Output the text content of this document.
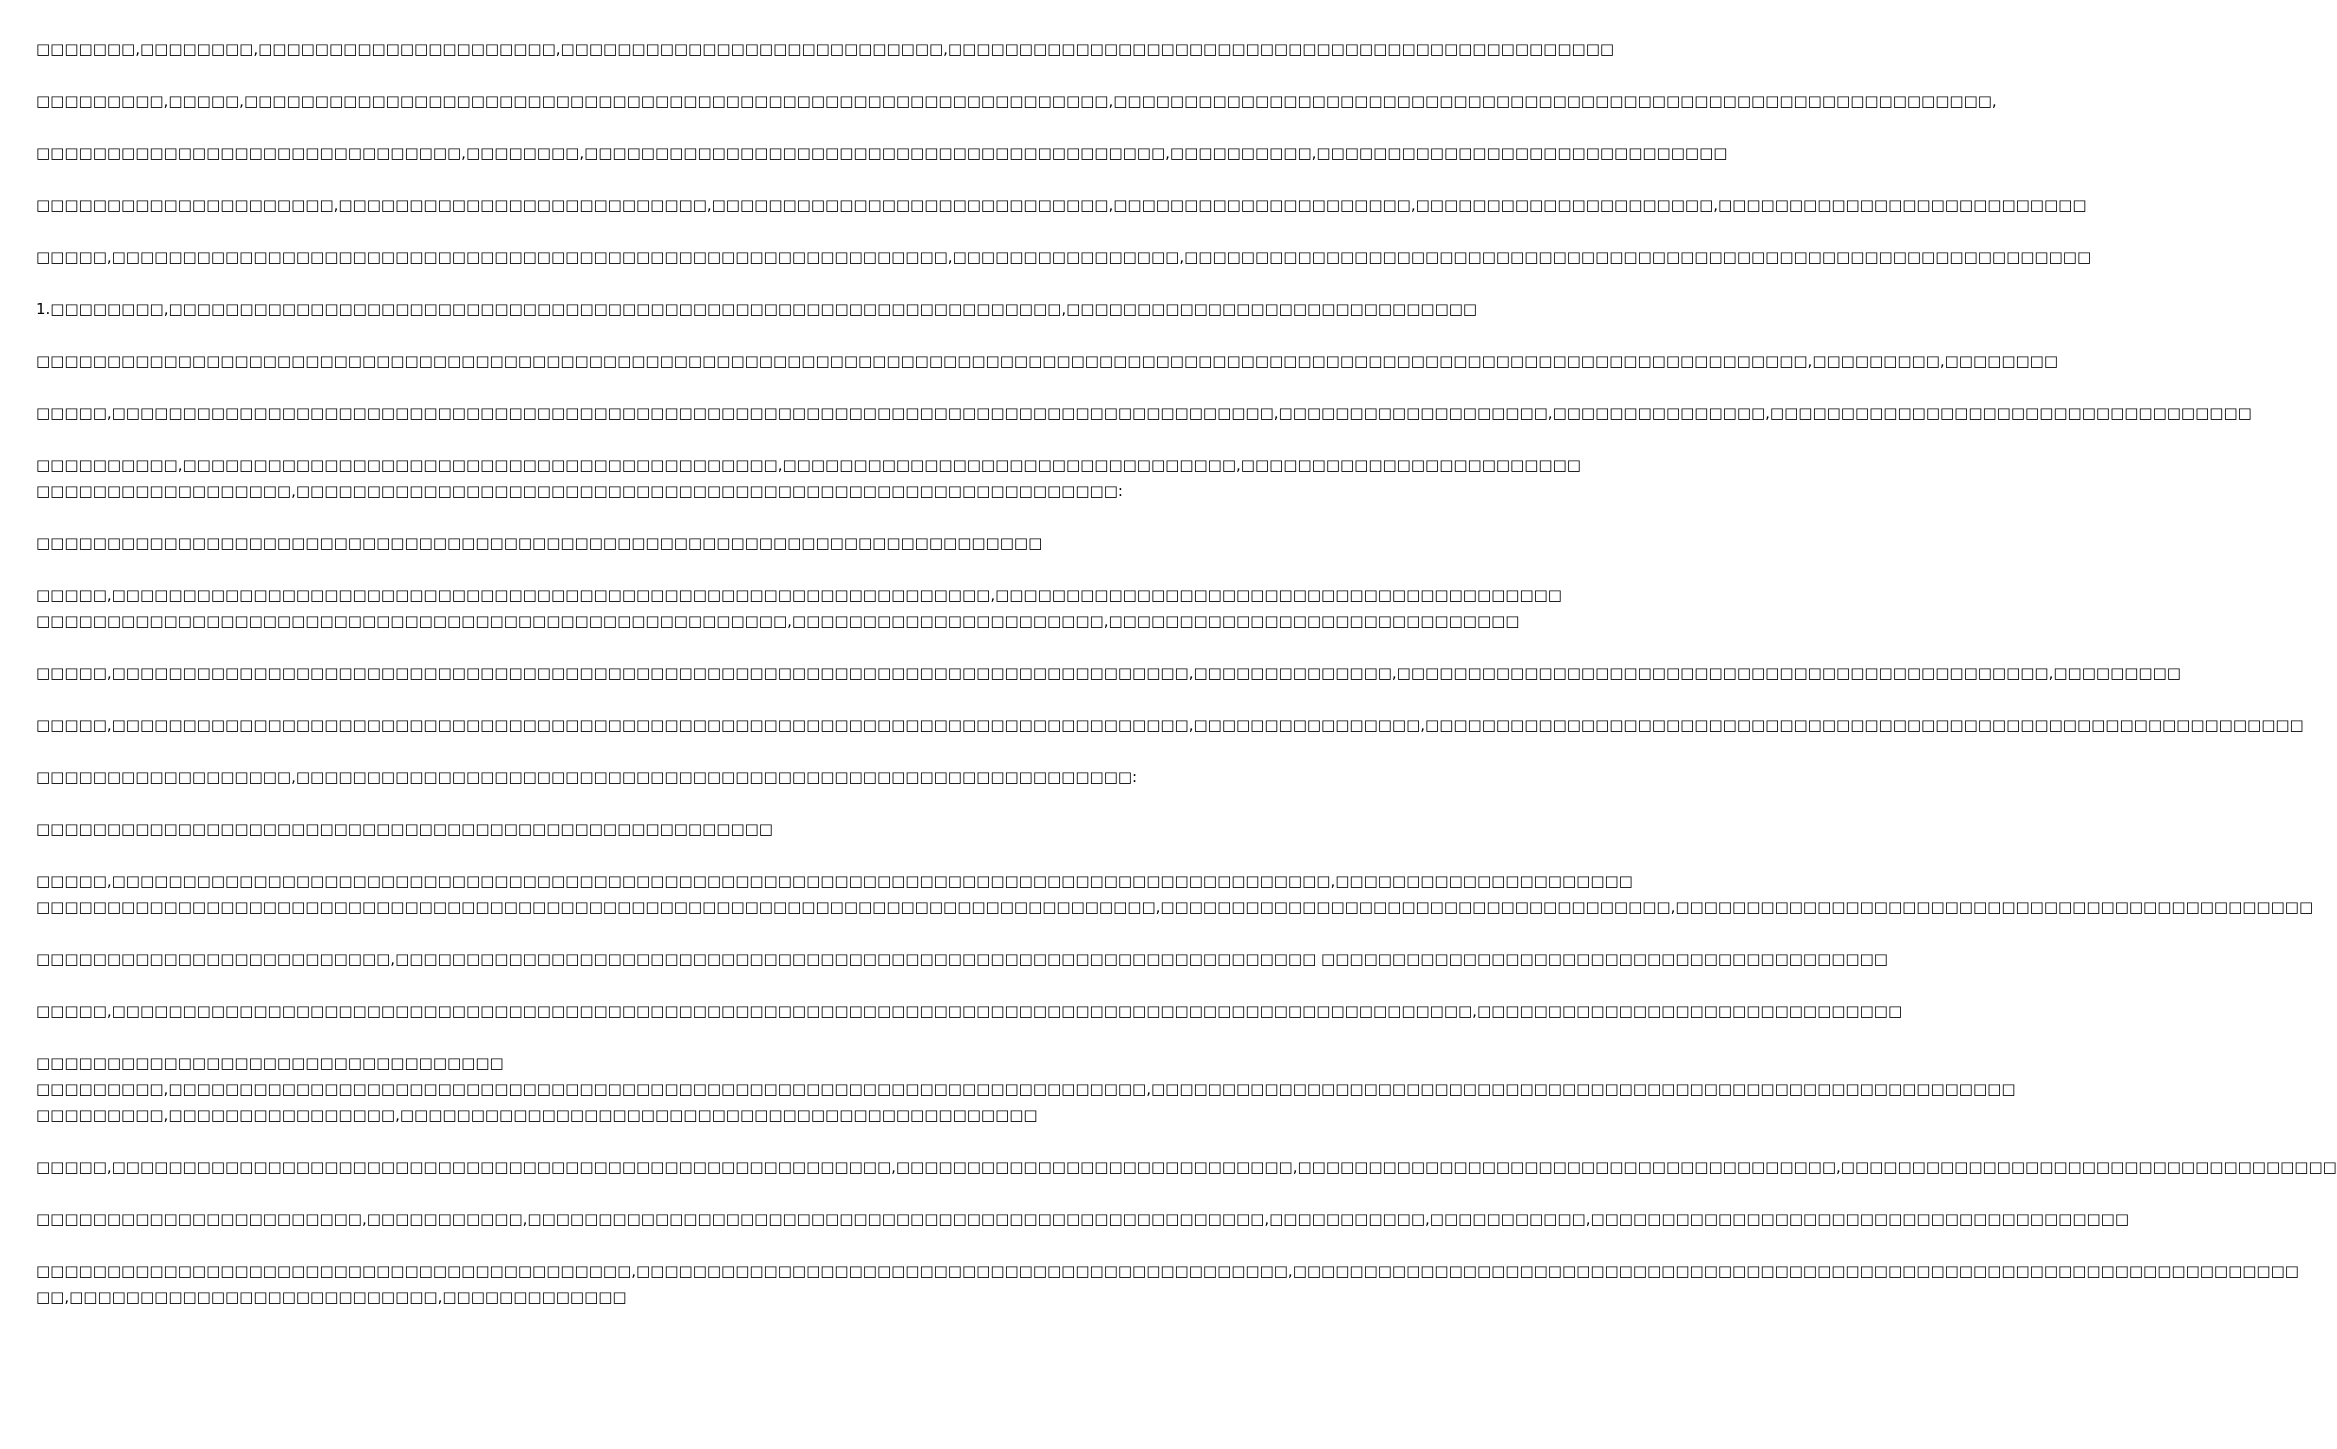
□□□□□□□,□□□□□□□□,□□□□□□□□□□□□□□□□□□□□□,□□□□□□□□□□□□□□□□□□□□□□□□□□□,□□□□□□□□□□□□□□□□□□□□□□□□□□□□□□□□□□□□□□□□□□□□□□□

□□□□□□□□□,□□□□□,□□□□□□□□□□□□□□□□□□□□□□□□□□□□□□□□□□□□□□□□□□□□□□□□□□□□□□□□□□□□□,□□□□□□□□□□□□□□□□□□□□□□□□□□□□□□□□□□□□□□□□□□□□□□□□□□□□□□□□□□□□□□,

□□□□□□□□□□□□□□□□□□□□□□□□□□□□□□,□□□□□□□□,□□□□□□□□□□□□□□□□□□□□□□□□□□□□□□□□□□□□□□□□□,□□□□□□□□□□,□□□□□□□□□□□□□□□□□□□□□□□□□□□□□

□□□□□□□□□□□□□□□□□□□□□,□□□□□□□□□□□□□□□□□□□□□□□□□□,□□□□□□□□□□□□□□□□□□□□□□□□□□□□,□□□□□□□□□□□□□□□□□□□□□,□□□□□□□□□□□□□□□□□□□□□,□□□□□□□□□□□□□□□□□□□□□□□□□□

□□□□□,□□□□□□□□□□□□□□□□□□□□□□□□□□□□□□□□□□□□□□□□□□□□□□□□□□□□□□□□□□□,□□□□□□□□□□□□□□□□,□□□□□□□□□□□□□□□□□□□□□□□□□□□□□□□□□□□□□□□□□□□□□□□□□□□□□□□□□□□□□□□□

1.□□□□□□□□,□□□□□□□□□□□□□□□□□□□□□□□□□□□□□□□□□□□□□□□□□□□□□□□□□□□□□□□□□□□□□□□,□□□□□□□□□□□□□□□□□□□□□□□□□□□□□

□□□□□□□□□□□□□□□□□□□□□□□□□□□□□□□□□□□□□□□□□□□□□□□□□□□□□□□□□□□□□□□□□□□□□□□□□□□□□□□□□□□□□□□□□□□□□□□□□□□□□□□□□□□□□□□□□□□□□□□□□□□□□,□□□□□□□□□,□□□□□□□□

□□□□□,□□□□□□□□□□□□□□□□□□□□□□□□□□□□□□□□□□□□□□□□□□□□□□□□□□□□□□□□□□□□□□□□□□□□□□□□□□□□□□□□□□,□□□□□□□□□□□□□□□□□□□,□□□□□□□□□□□□□□□,□□□□□□□□□□□□□□□□□□□□□□□□□□□□□□□□□□

□□□□□□□□□□,□□□□□□□□□□□□□□□□□□□□□□□□□□□□□□□□□□□□□□□□□□,□□□□□□□□□□□□□□□□□□□□□□□□□□□□□□□□,□□□□□□□□□□□□□□□□□□□□□□□□
□□□□□□□□□□□□□□□□□□,□□□□□□□□□□□□□□□□□□□□□□□□□□□□□□□□□□□□□□□□□□□□□□□□□□□□□□□□□□:

□□□□□□□□□□□□□□□□□□□□□□□□□□□□□□□□□□□□□□□□□□□□□□□□□□□□□□□□□□□□□□□□□□□□□□□

□□□□□,□□□□□□□□□□□□□□□□□□□□□□□□□□□□□□□□□□□□□□□□□□□□□□□□□□□□□□□□□□□□□□,□□□□□□□□□□□□□□□□□□□□□□□□□□□□□□□□□□□□□□□□
□□□□□□□□□□□□□□□□□□□□□□□□□□□□□□□□□□□□□□□□□□□□□□□□□□□□□,□□□□□□□□□□□□□□□□□□□□□□,□□□□□□□□□□□□□□□□□□□□□□□□□□□□□

□□□□□,□□□□□□□□□□□□□□□□□□□□□□□□□□□□□□□□□□□□□□□□□□□□□□□□□□□□□□□□□□□□□□□□□□□□□□□□□□□□,□□□□□□□□□□□□□□,□□□□□□□□□□□□□□□□□□□□□□□□□□□□□□□□□□□□□□□□□□□□□□,□□□□□□□□□

□□□□□,□□□□□□□□□□□□□□□□□□□□□□□□□□□□□□□□□□□□□□□□□□□□□□□□□□□□□□□□□□□□□□□□□□□□□□□□□□□□,□□□□□□□□□□□□□□□□,□□□□□□□□□□□□□□□□□□□□□□□□□□□□□□□□□□□□□□□□□□□□□□□□□□□□□□□□□□□□□□

□□□□□□□□□□□□□□□□□□,□□□□□□□□□□□□□□□□□□□□□□□□□□□□□□□□□□□□□□□□□□□□□□□□□□□□□□□□□□□:

□□□□□□□□□□□□□□□□□□□□□□□□□□□□□□□□□□□□□□□□□□□□□□□□□□□□

□□□□□,□□□□□□□□□□□□□□□□□□□□□□□□□□□□□□□□□□□□□□□□□□□□□□□□□□□□□□□□□□□□□□□□□□□□□□□□□□□□□□□□□□□□□□,□□□□□□□□□□□□□□□□□□□□□
□□□□□□□□□□□□□□□□□□□□□□□□□□□□□□□□□□□□□□□□□□□□□□□□□□□□□□□□□□□□□□□□□□□□□□□□□□□□□□□,□□□□□□□□□□□□□□□□□□□□□□□□□□□□□□□□□□□□,□□□□□□□□□□□□□□□□□□□□□□□□□□□□□□□□□□□□□□□□□□□□□

□□□□□□□□□□□□□□□□□□□□□□□□□,□□□□□□□□□□□□□□□□□□□□□□□□□□□□□□□□□□□□□□□□□□□□□□□□□□□□□□□□□□□□□□□□□ □□□□□□□□□□□□□□□□□□□□□□□□□□□□□□□□□□□□□□□□

□□□□□,□□□□□□□□□□□□□□□□□□□□□□□□□□□□□□□□□□□□□□□□□□□□□□□□□□□□□□□□□□□□□□□□□□□□□□□□□□□□□□□□□□□□□□□□□□□□□□□□,□□□□□□□□□□□□□□□□□□□□□□□□□□□□□□

□□□□□□□□□□□□□□□□□□□□□□□□□□□□□□□□□
□□□□□□□□□,□□□□□□□□□□□□□□□□□□□□□□□□□□□□□□□□□□□□□□□□□□□□□□□□□□□□□□□□□□□□□□□□□□□□□,□□□□□□□□□□□□□□□□□□□□□□□□□□□□□□□□□□□□□□□□□□□□□□□□□□□□□□□□□□□□□
□□□□□□□□□,□□□□□□□□□□□□□□□□,□□□□□□□□□□□□□□□□□□□□□□□□□□□□□□□□□□□□□□□□□□□□□

□□□□□,□□□□□□□□□□□□□□□□□□□□□□□□□□□□□□□□□□□□□□□□□□□□□□□□□□□□□□□,□□□□□□□□□□□□□□□□□□□□□□□□□□□□,□□□□□□□□□□□□□□□□□□□□□□□□□□□□□□□□□□□□□□,□□□□□□□□□□□□□□□□□□□□□□□□□□□□□□□□□□□

□□□□□□□□□□□□□□□□□□□□□□□,□□□□□□□□□□□,□□□□□□□□□□□□□□□□□□□□□□□□□□□□□□□□□□□□□□□□□□□□□□□□□□□□,□□□□□□□□□□□,□□□□□□□□□□□,□□□□□□□□□□□□□□□□□□□□□□□□□□□□□□□□□□□□□□

□□□□□□□□□□□□□□□□□□□□□□□□□□□□□□□□□□□□□□□□□□,□□□□□□□□□□□□□□□□□□□□□□□□□□□□□□□□□□□□□□□□□□□□□□,□□□□□□□□□□□□□□□□□□□□□□□□□□□□□□□□□□□□□□□□□□□□□□□□□□□□□□□□□□□□□□□□□□□□□□□
□□,□□□□□□□□□□□□□□□□□□□□□□□□□□,□□□□□□□□□□□□□
